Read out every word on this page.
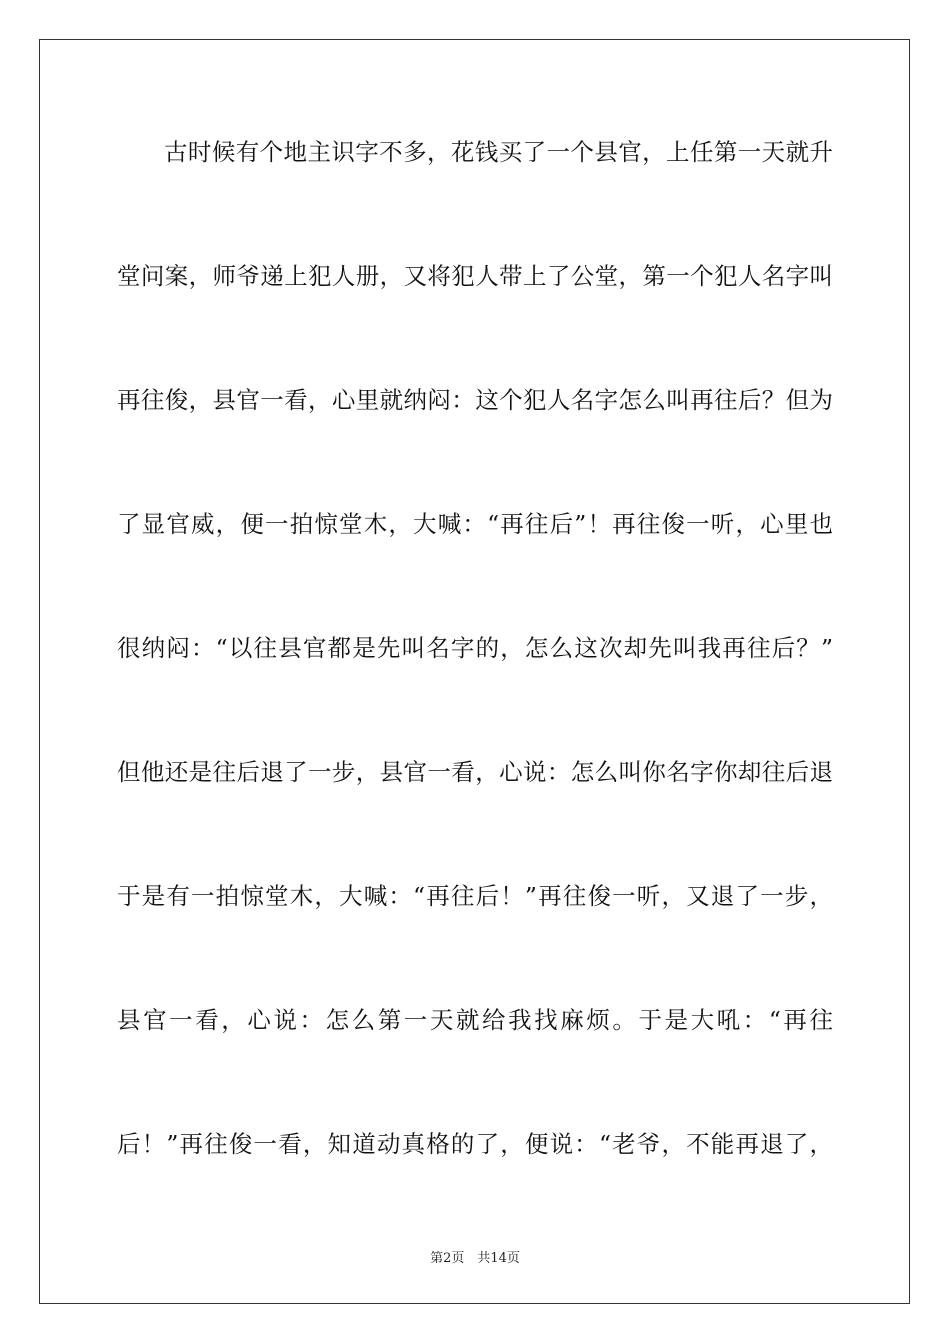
古时候有个地主识字不多，花钱买了一个县官，上任第一天就升
堂问案，师爷递上犯人册，又将犯人带上了公堂，第一个犯人名字叫
再往俊，县官一看，心里就纳闷：这个犯人名字怎么叫再往后？但为
了显官威，便一拍惊堂木，大喊：“再往后”！再往俊一听，心里也
很纳闷：“以往县官都是先叫名字的，怎么这次却先叫我再往后？”
但他还是往后退了一步，县官一看，心说：怎么叫你名字你却往后退
于是有一拍惊堂木，大喊：“再往后！”再往俊一听，又退了一步，
县官一看，心说：怎么第一天就给我找麻烦。于是大吼：“再往
后！”再往俊一看，知道动真格的了，便说：“老爷，不能再退了，
第2页　共14页
